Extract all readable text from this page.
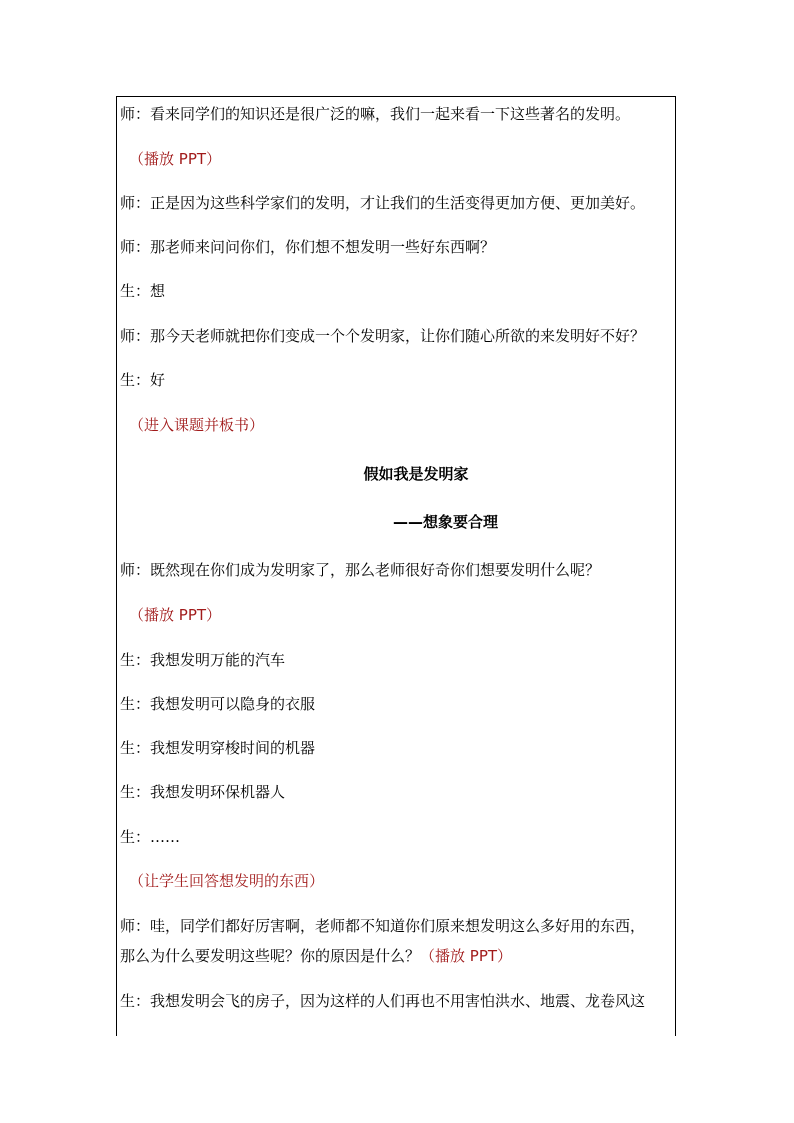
师：看来同学们的知识还是很广泛的嘛，我们一起来看一下这些著名的发明。
（播放 PPT）
师：正是因为这些科学家们的发明，才让我们的生活变得更加方便、更加美好。
师：那老师来问问你们，你们想不想发明一些好东西啊？
生：想
师：那今天老师就把你们变成一个个发明家，让你们随心所欲的来发明好不好？
生：好
（进入课题并板书）
假如我是发明家
——想象要合理
师：既然现在你们成为发明家了，那么老师很好奇你们想要发明什么呢？
（播放 PPT）
生：我想发明万能的汽车
生：我想发明可以隐身的衣服
生：我想发明穿梭时间的机器
生：我想发明环保机器人
生：……
（让学生回答想发明的东西）
师：哇，同学们都好厉害啊，老师都不知道你们原来想发明这么多好用的东西，
那么为什么要发明这些呢？你的原因是什么？（播放 PPT）
生：我想发明会飞的房子，因为这样的人们再也不用害怕洪水、地震、龙卷风这
